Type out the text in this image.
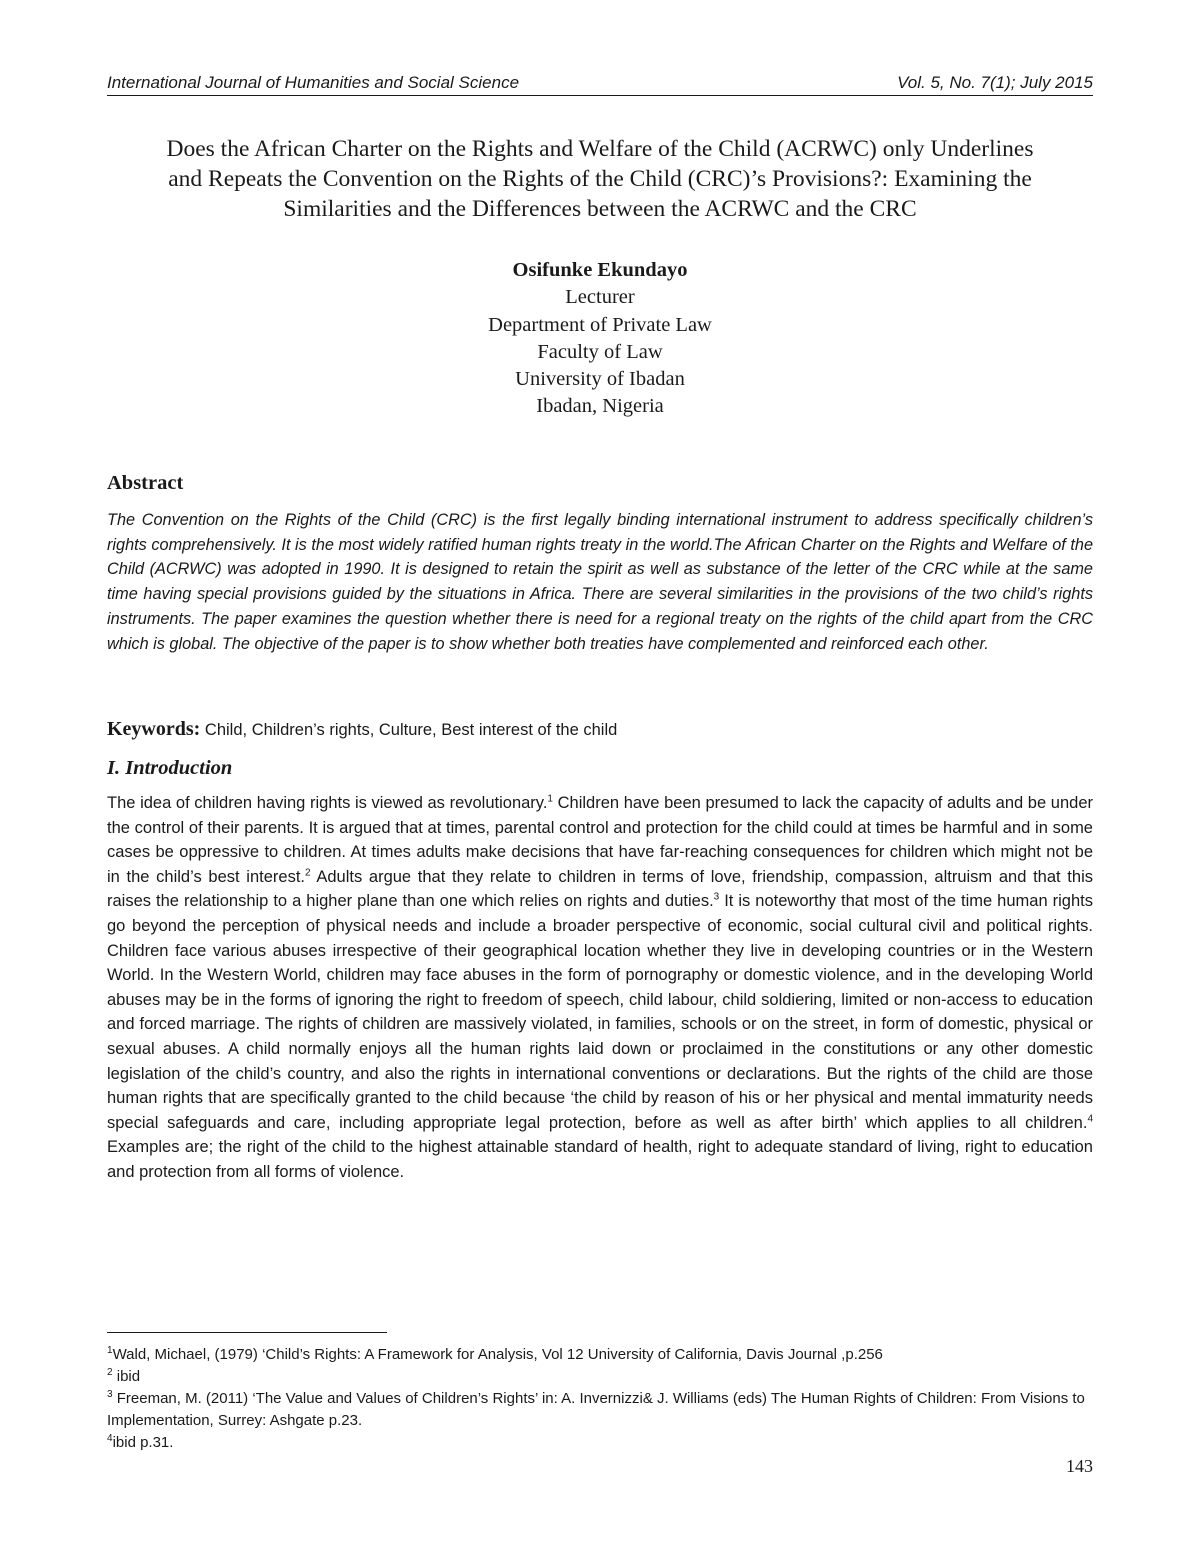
International Journal of Humanities and Social Science	Vol. 5, No. 7(1); July 2015
Does the African Charter on the Rights and Welfare of the Child (ACRWC) only Underlines
and Repeats the Convention on the Rights of the Child (CRC)’s Provisions?: Examining the
Similarities and the Differences between the ACRWC and the CRC
Osifunke Ekundayo
Lecturer
Department of Private Law
Faculty of Law
University of Ibadan
Ibadan, Nigeria
Abstract
The Convention on the Rights of the Child (CRC) is the first legally binding international instrument to address specifically children’s rights comprehensively. It is the most widely ratified human rights treaty in the world.The African Charter on the Rights and Welfare of the Child (ACRWC) was adopted in 1990. It is designed to retain the spirit as well as substance of the letter of the CRC while at the same time having special provisions guided by the situations in Africa. There are several similarities in the provisions of the two child’s rights instruments. The paper examines the question whether there is need for a regional treaty on the rights of the child apart from the CRC which is global. The objective of the paper is to show whether both treaties have complemented and reinforced each other.
Keywords: Child, Children’s rights, Culture, Best interest of the child
I. Introduction
The idea of children having rights is viewed as revolutionary.$^1$ Children have been presumed to lack the capacity of adults and be under the control of their parents. It is argued that at times, parental control and protection for the child could at times be harmful and in some cases be oppressive to children. At times adults make decisions that have far-reaching consequences for children which might not be in the child’s best interest.$^2$ Adults argue that they relate to children in terms of love, friendship, compassion, altruism and that this raises the relationship to a higher plane than one which relies on rights and duties.$^3$ It is noteworthy that most of the time human rights go beyond the perception of physical needs and include a broader perspective of economic, social cultural civil and political rights. Children face various abuses irrespective of their geographical location whether they live in developing countries or in the Western World. In the Western World, children may face abuses in the form of pornography or domestic violence, and in the developing World abuses may be in the forms of ignoring the right to freedom of speech, child labour, child soldiering, limited or non-access to education and forced marriage. The rights of children are massively violated, in families, schools or on the street, in form of domestic, physical or sexual abuses. A child normally enjoys all the human rights laid down or proclaimed in the constitutions or any other domestic legislation of the child’s country, and also the rights in international conventions or declarations. But the rights of the child are those human rights that are specifically granted to the child because ‘the child by reason of his or her physical and mental immaturity needs special safeguards and care, including appropriate legal protection, before as well as after birth’ which applies to all children.$^4$ Examples are; the right of the child to the highest attainable standard of health, right to adequate standard of living, right to education and protection from all forms of violence.

$^1$Wald, Michael, (1979) ‘Child’s Rights: A Framework for Analysis, Vol 12 University of California, Davis Journal ,p.256

$^2$ ibid

$^3$ Freeman, M. (2011) ‘The Value and Values of Children’s Rights’ in: A. Invernizzi& J. Williams (eds) The Human Rights of Children: From Visions to Implementation, Surrey: Ashgate p.23.

$^4$ibid p.31.

143
